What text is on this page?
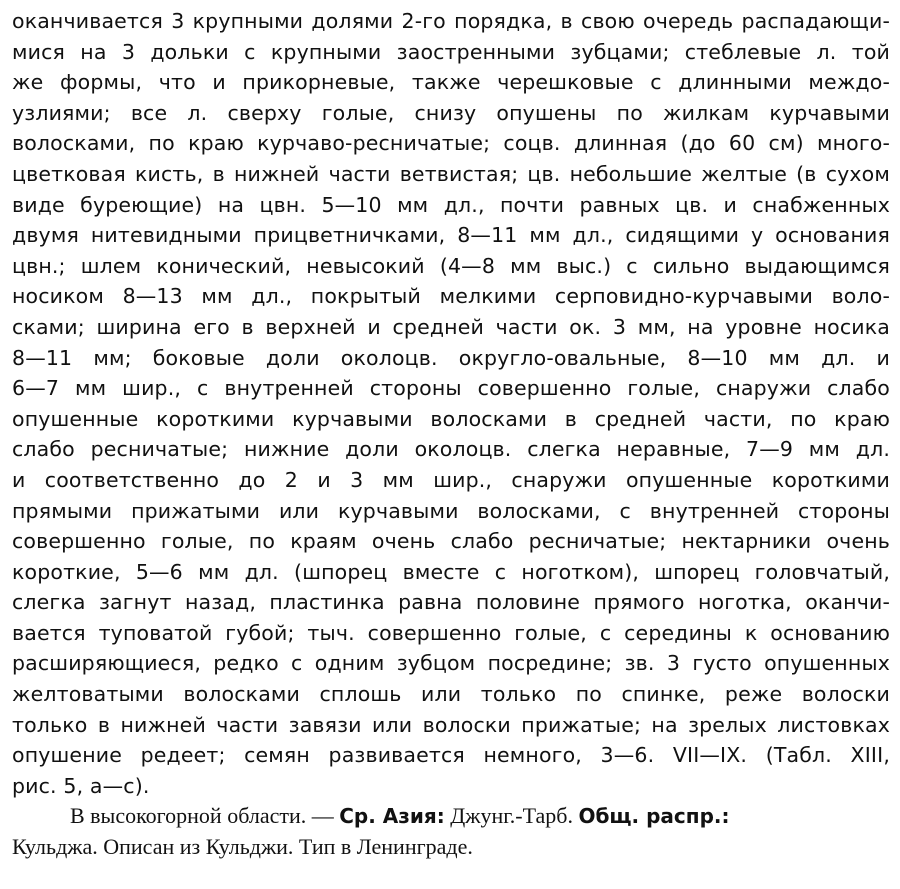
оканчивается 3 крупными долями 2-го порядка, в свою очередь распадающи-
мися на 3 дольки с крупными заостренными зубцами; стеблевые л. той
же формы, что и прикорневые, также черешковые с длинными междо-
узлиями; все л. сверху голые, снизу опушены по жилкам курчавыми
волосками, по краю курчаво-ресничатые; соцв. длинная (до 60 см) много-
цветковая кисть, в нижней части ветвистая; цв. небольшие желтые (в сухом
виде буреющие) на цвн. 5—10 мм дл., почти равных цв. и снабженных
двумя нитевидными прицветничками, 8—11 мм дл., сидящими у основания
цвн.; шлем конический, невысокий (4—8 мм выс.) с сильно выдающимся
носиком 8—13 мм дл., покрытый мелкими серповидно-курчавыми воло-
сками; ширина его в верхней и средней части ок. 3 мм, на уровне носика
8—11 мм; боковые доли околоцв. округло-овальные, 8—10 мм дл. и
6—7 мм шир., с внутренней стороны совершенно голые, снаружи слабо
опушенные короткими курчавыми волосками в средней части, по краю
слабо ресничатые; нижние доли околоцв. слегка неравные, 7—9 мм дл.
и соответственно до 2 и 3 мм шир., снаружи опушенные короткими
прямыми прижатыми или курчавыми волосками, с внутренней стороны
совершенно голые, по краям очень слабо ресничатые; нектарники очень
короткие, 5—6 мм дл. (шпорец вместе с ноготком), шпорец головчатый,
слегка загнут назад, пластинка равна половине прямого ноготка, оканчи-
вается туповатой губой; тыч. совершенно голые, с середины к основанию
расширяющиеся, редко с одним зубцом посредине; зв. 3 густо опушенных
желтоватыми волосками сплошь или только по спинке, реже волоски
только в нижней части завязи или волоски прижатые; на зрелых листовках
опушение редеет; семян развивается немного, 3—6. VII—IX. (Табл. XIII,
рис. 5, а—с).
В высокогорной области. — Ср. Азия: Джунг.-Тарб. Общ. распр.:
Кульджа. Описан из Кульджи. Тип в Ленинграде.
